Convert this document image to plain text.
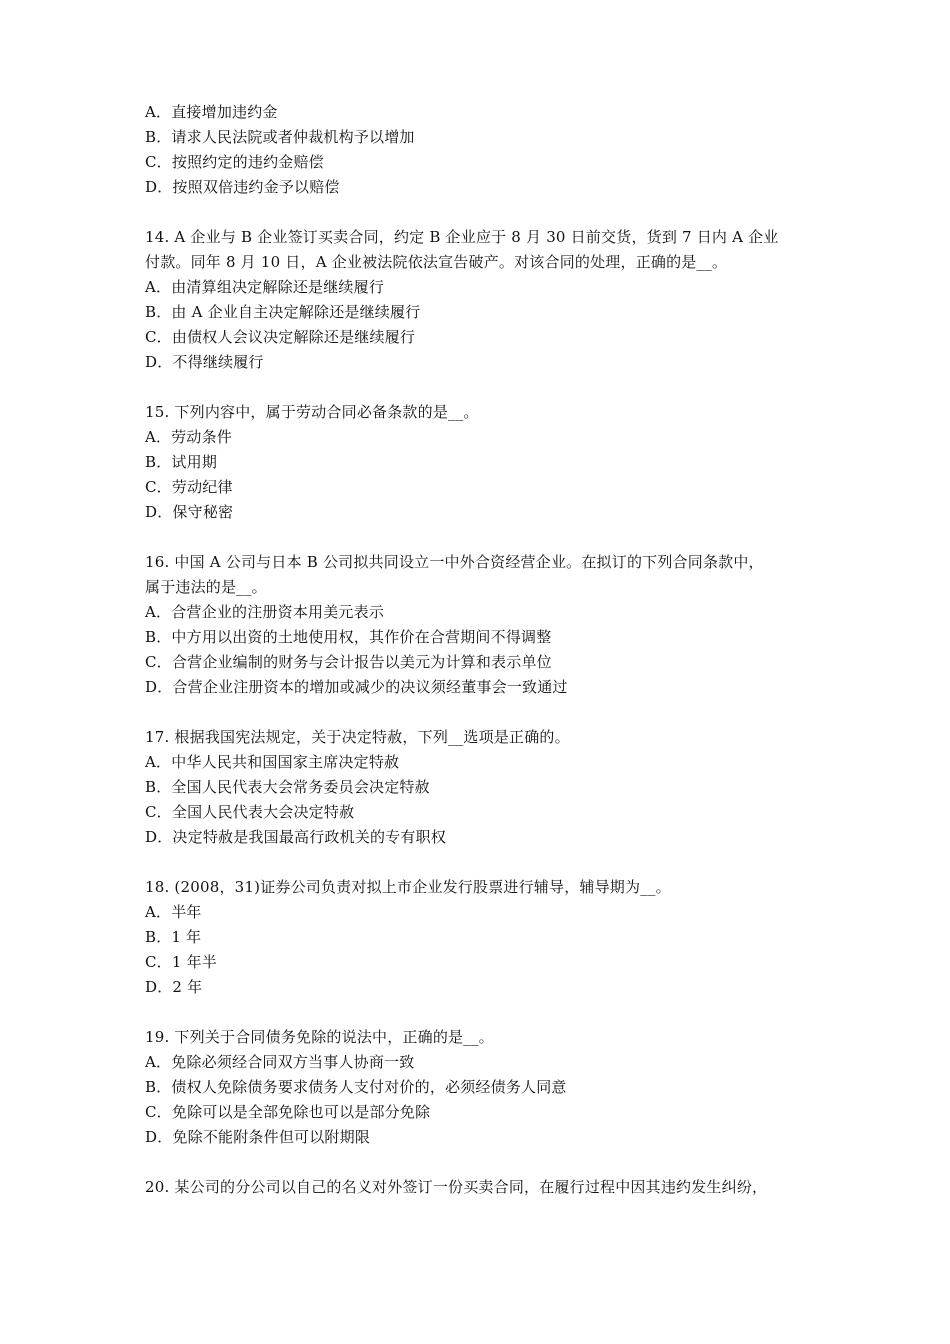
A．直接增加违约金
B．请求人民法院或者仲裁机构予以增加
C．按照约定的违约金赔偿
D．按照双倍违约金予以赔偿
14. A 企业与 B 企业签订买卖合同，约定 B 企业应于 8 月 30 日前交货，货到 7 日内 A 企业
付款。同年 8 月 10 日，A 企业被法院依法宣告破产。对该合同的处理，正确的是__。
A．由清算组决定解除还是继续履行
B．由 A 企业自主决定解除还是继续履行
C．由债权人会议决定解除还是继续履行
D．不得继续履行
15. 下列内容中，属于劳动合同必备条款的是__。
A．劳动条件
B．试用期
C．劳动纪律
D．保守秘密
16. 中国 A 公司与日本 B 公司拟共同设立一中外合资经营企业。在拟订的下列合同条款中，
属于违法的是__。
A．合营企业的注册资本用美元表示
B．中方用以出资的土地使用权，其作价在合营期间不得调整
C．合营企业编制的财务与会计报告以美元为计算和表示单位
D．合营企业注册资本的增加或减少的决议须经董事会一致通过
17. 根据我国宪法规定，关于决定特赦，下列__选项是正确的。
A．中华人民共和国国家主席决定特赦
B．全国人民代表大会常务委员会决定特赦
C．全国人民代表大会决定特赦
D．决定特赦是我国最高行政机关的专有职权
18. (2008，31)证券公司负责对拟上市企业发行股票进行辅导，辅导期为__。
A．半年
B．1 年
C．1 年半
D．2 年
19. 下列关于合同债务免除的说法中，正确的是__。
A．免除必须经合同双方当事人协商一致
B．债权人免除债务要求债务人支付对价的，必须经债务人同意
C．免除可以是全部免除也可以是部分免除
D．免除不能附条件但可以附期限
20. 某公司的分公司以自己的名义对外签订一份买卖合同，在履行过程中因其违约发生纠纷，
